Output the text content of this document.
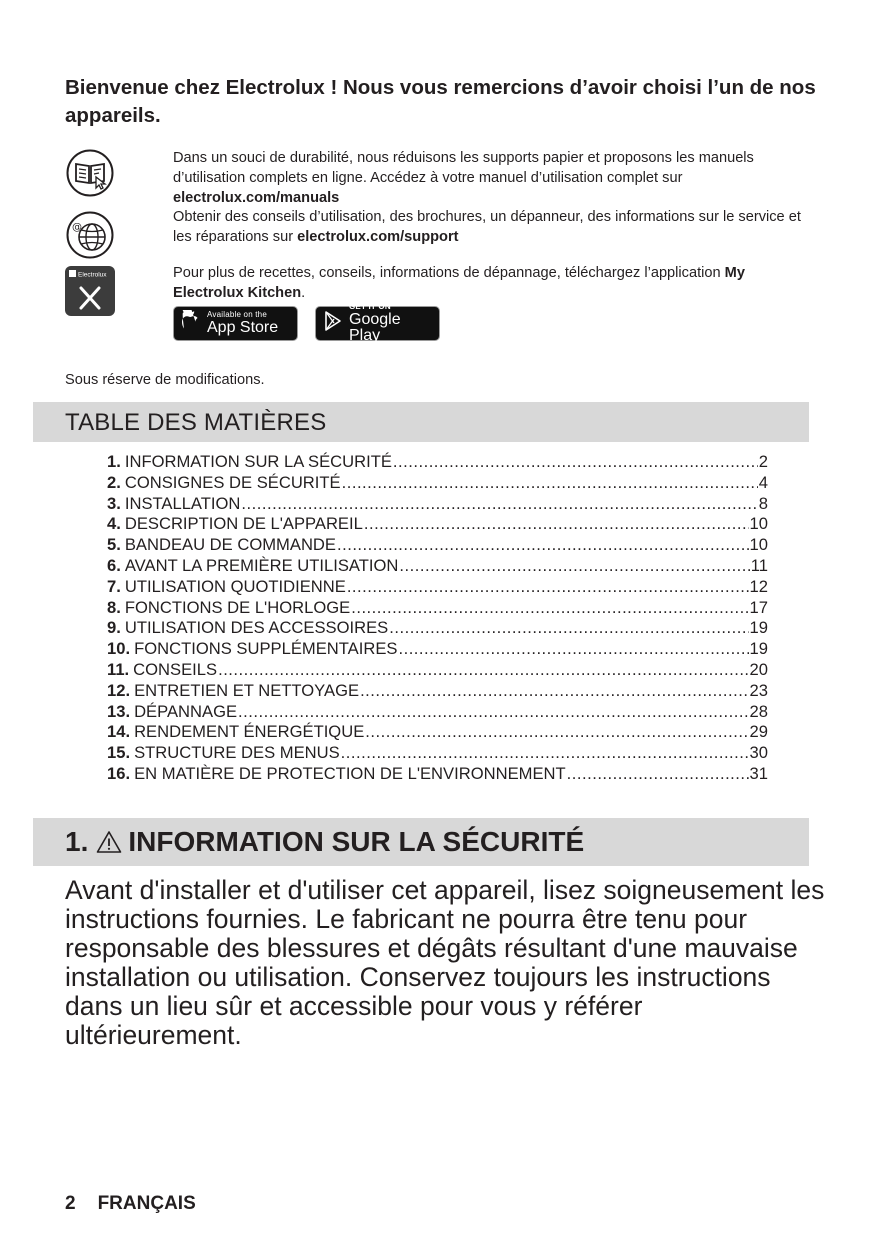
Bienvenue chez Electrolux ! Nous vous remercions d’avoir choisi l’un de nos appareils.
@
Electrolux

Dans un souci de durabilité, nous réduisons les supports papier et proposons les manuels d’utilisation complets en ligne. Accédez à votre manuel d’utilisation complet sur electrolux.com/manuals

Obtenir des conseils d’utilisation, des brochures, un dépanneur, des informations sur le service et les réparations sur electrolux.com/support

Pour plus de recettes, conseils, informations de dépannage, téléchargez l’application My Electrolux Kitchen.

Available on the
App Store
GET IT ON
Google Play

Sous réserve de modifications.

TABLE DES MATIÈRES
1. INFORMATION SUR LA SÉCURITÉ .....	2
2. CONSIGNES DE SÉCURITÉ .....	4
3. INSTALLATION .....	8
4. DESCRIPTION DE L'APPAREIL .....	10
5. BANDEAU DE COMMANDE .....	10
6. AVANT LA PREMIÈRE UTILISATION .....	11
7. UTILISATION QUOTIDIENNE .....	12
8. FONCTIONS DE L'HORLOGE .....	17
9. UTILISATION DES ACCESSOIRES .....	19
10. FONCTIONS SUPPLÉMENTAIRES .....	19
11. CONSEILS .....	20
12. ENTRETIEN ET NETTOYAGE .....	23
13. DÉPANNAGE .....	28
14. RENDEMENT ÉNERGÉTIQUE .....	29
15. STRUCTURE DES MENUS .....	30
16. EN MATIÈRE DE PROTECTION DE L'ENVIRONNEMENT .....	31
1. INFORMATION SUR LA SÉCURITÉ

Avant d'installer et d'utiliser cet appareil, lisez soigneusement les instructions fournies. Le fabricant ne pourra être tenu pour responsable des blessures et dégâts résultant d'une mauvaise installation ou utilisation. Conservez toujours les instructions dans un lieu sûr et accessible pour vous y référer ultérieurement.

2 FRANÇAIS
